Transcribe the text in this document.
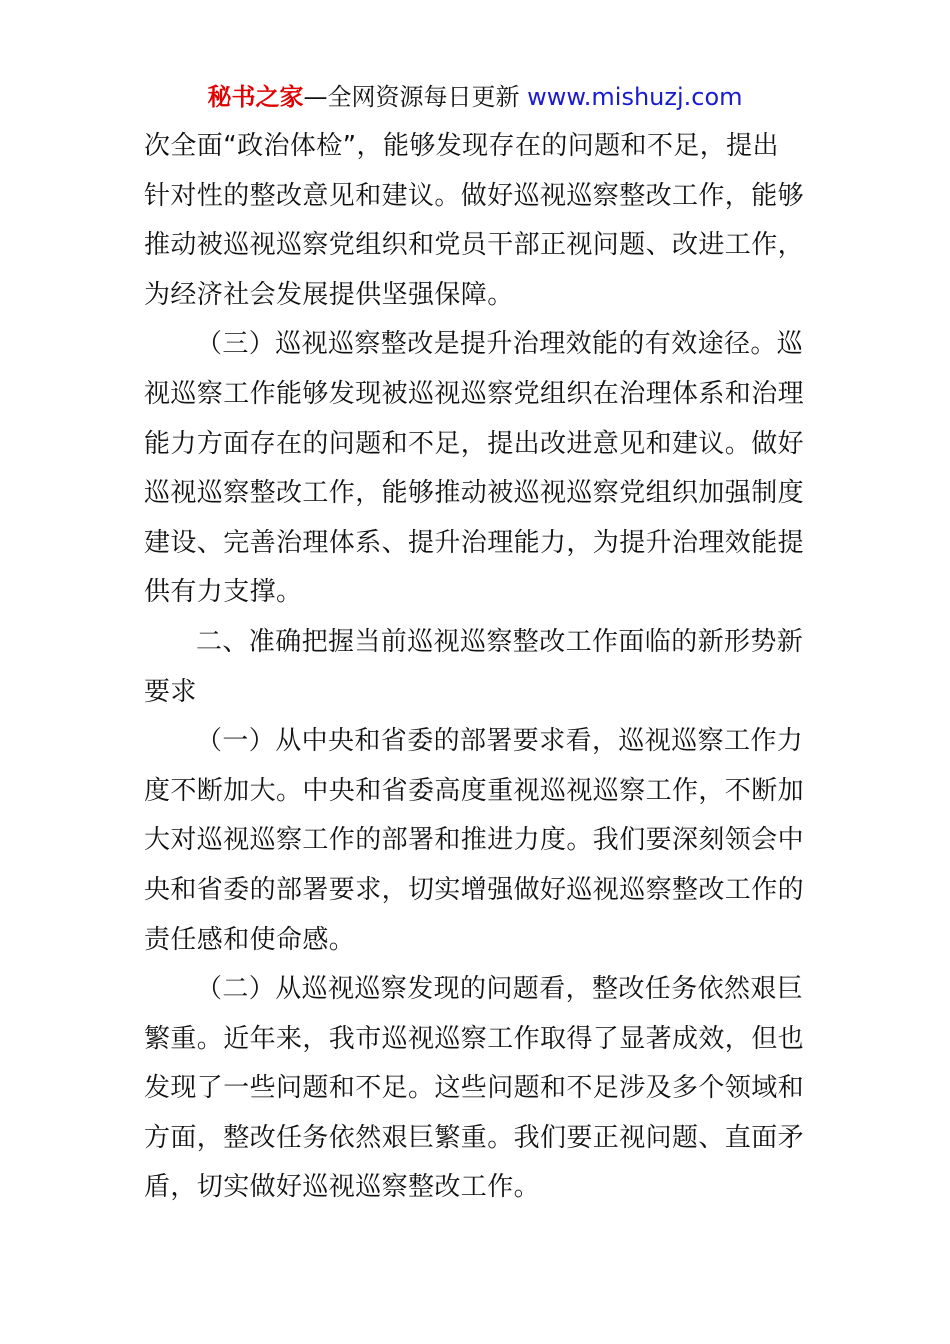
秘书之家—全网资源每日更新 www.mishuzj.com
次全面“政治体检”，能够发现存在的问题和不足，提出
针对性的整改意见和建议。做好巡视巡察整改工作，能够
推动被巡视巡察党组织和党员干部正视问题、改进工作，
为经济社会发展提供坚强保障。
（三）巡视巡察整改是提升治理效能的有效途径。巡
视巡察工作能够发现被巡视巡察党组织在治理体系和治理
能力方面存在的问题和不足，提出改进意见和建议。做好
巡视巡察整改工作，能够推动被巡视巡察党组织加强制度
建设、完善治理体系、提升治理能力，为提升治理效能提
供有力支撑。
二、准确把握当前巡视巡察整改工作面临的新形势新
要求
（一）从中央和省委的部署要求看，巡视巡察工作力
度不断加大。中央和省委高度重视巡视巡察工作，不断加
大对巡视巡察工作的部署和推进力度。我们要深刻领会中
央和省委的部署要求，切实增强做好巡视巡察整改工作的
责任感和使命感。
（二）从巡视巡察发现的问题看，整改任务依然艰巨
繁重。近年来，我市巡视巡察工作取得了显著成效，但也
发现了一些问题和不足。这些问题和不足涉及多个领域和
方面，整改任务依然艰巨繁重。我们要正视问题、直面矛
盾，切实做好巡视巡察整改工作。
